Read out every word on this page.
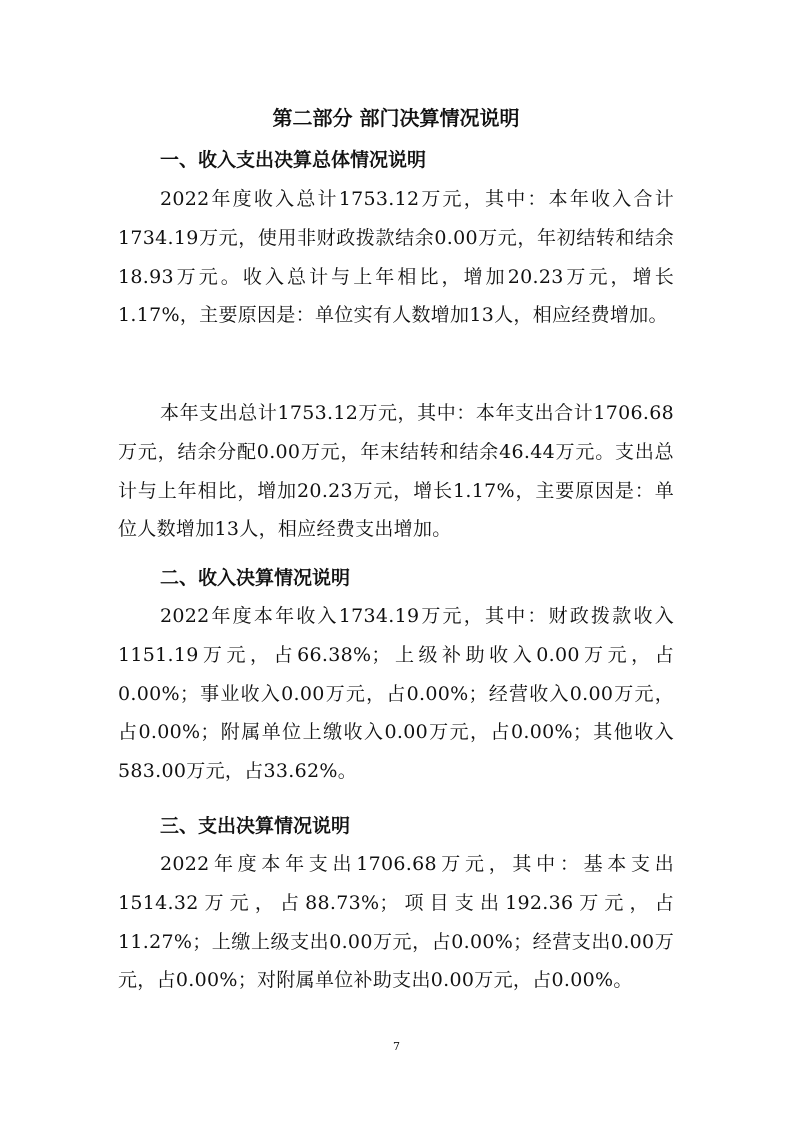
第二部分 部门决算情况说明
一、收入支出决算总体情况说明

2022年度收入总计1753.12万元，其中：本年收入合计1734.19万元，使用非财政拨款结余0.00万元，年初结转和结余18.93万元。收入总计与上年相比，增加20.23万元，增长1.17%，主要原因是：单位实有人数增加13人，相应经费增加。

本年支出总计1753.12万元，其中：本年支出合计1706.68万元，结余分配0.00万元，年末结转和结余46.44万元。支出总计与上年相比，增加20.23万元，增长1.17%，主要原因是：单位人数增加13人，相应经费支出增加。

二、收入决算情况说明

2022年度本年收入1734.19万元，其中：财政拨款收入1151.19万元，占66.38%；上级补助收入0.00万元，占0.00%；事业收入0.00万元，占0.00%；经营收入0.00万元，占0.00%；附属单位上缴收入0.00万元，占0.00%；其他收入583.00万元，占33.62%。

三、支出决算情况说明

2022年度本年支出1706.68万元，其中：基本支出1514.32万元，占88.73%；项目支出192.36万元，占11.27%；上缴上级支出0.00万元，占0.00%；经营支出0.00万元，占0.00%；对附属单位补助支出0.00万元，占0.00%。

7
